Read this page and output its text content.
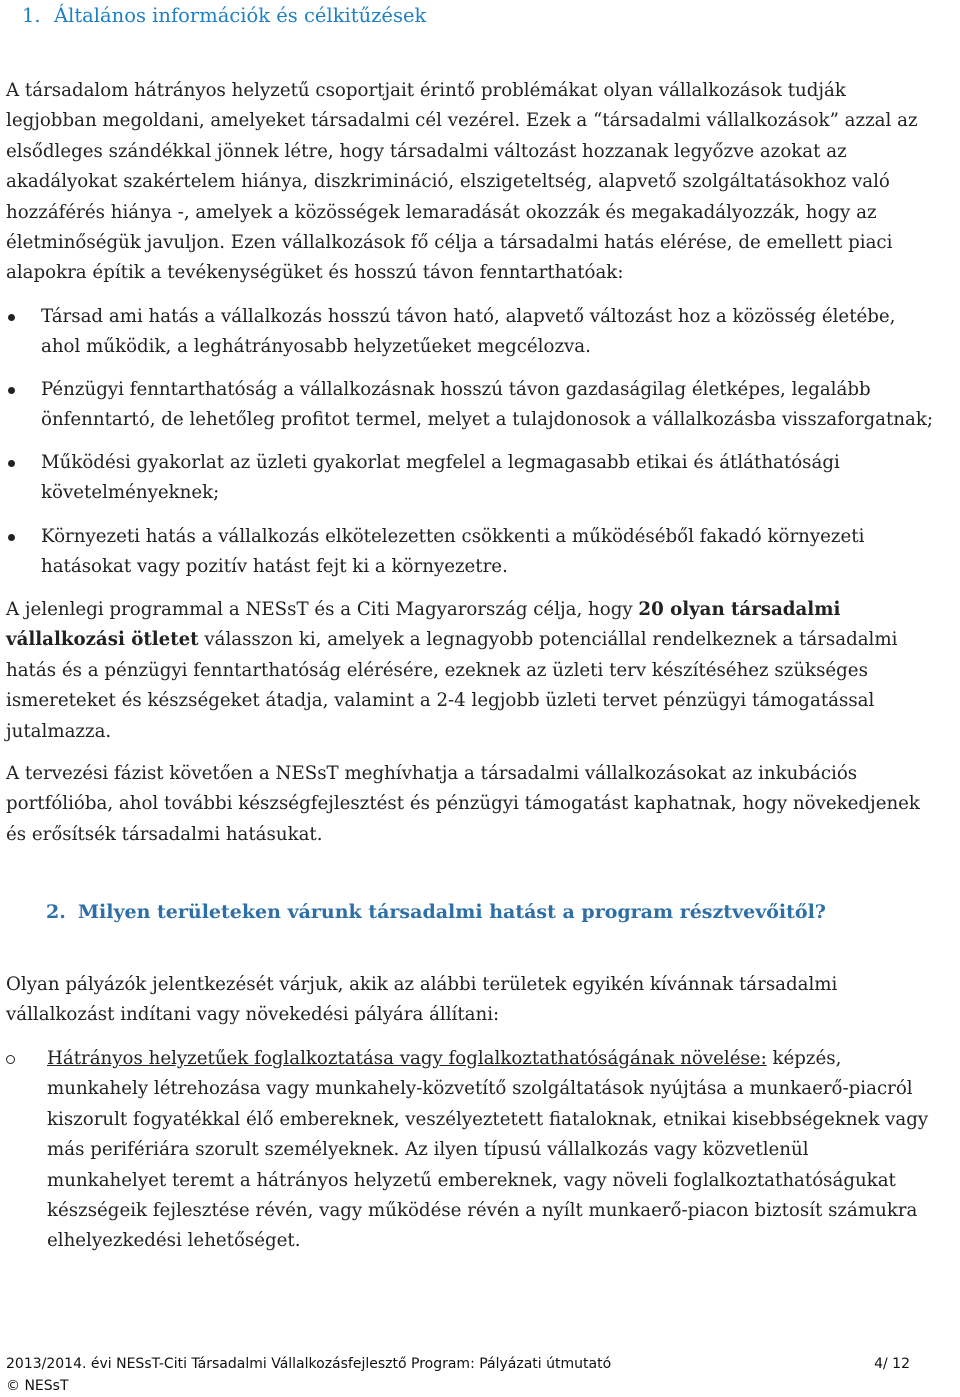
1. Általános információk és célkitűzések
A társadalom hátrányos helyzetű csoportjait érintő problémákat olyan vállalkozások tudják
legjobban megoldani, amelyeket társadalmi cél vezérel. Ezek a “társadalmi vállalkozások” azzal az
elsődleges szándékkal jönnek létre, hogy társadalmi változást hozzanak legyőzve azokat az
akadályokat szakértelem hiánya, diszkrimináció, elszigeteltség, alapvető szolgáltatásokhoz való
hozzáférés hiánya -, amelyek a közösségek lemaradását okozzák és megakadályozzák, hogy az
életminőségük javuljon. Ezen vállalkozások fő célja a társadalmi hatás elérése, de emellett piaci
alapokra építik a tevékenységüket és hosszú távon fenntarthatóak:
Társad ami hatás a vállalkozás hosszú távon ható, alapvető változást hoz a közösség életébe,
ahol működik, a leghátrányosabb helyzetűeket megcélozva.
Pénzügyi fenntarthatóság a vállalkozásnak hosszú távon gazdaságilag életképes, legalább
önfenntartó, de lehetőleg profitot termel, melyet a tulajdonosok a vállalkozásba visszaforgatnak;
Működési gyakorlat az üzleti gyakorlat megfelel a legmagasabb etikai és átláthatósági
követelményeknek;
Környezeti hatás a vállalkozás elkötelezetten csökkenti a működéséből fakadó környezeti
hatásokat vagy pozitív hatást fejt ki a környezetre.
A jelenlegi programmal a NESsT és a Citi Magyarország célja, hogy 20 olyan társadalmi
vállalkozási ötletet válasszon ki, amelyek a legnagyobb potenciállal rendelkeznek a társadalmi
hatás és a pénzügyi fenntarthatóság elérésére, ezeknek az üzleti terv készítéséhez szükséges
ismereteket és készségeket átadja, valamint a 2-4 legjobb üzleti tervet pénzügyi támogatással
jutalmazza.
A tervezési fázist követően a NESsT meghívhatja a társadalmi vállalkozásokat az inkubációs
portfólióba, ahol további készségfejlesztést és pénzügyi támogatást kaphatnak, hogy növekedjenek
és erősítsék társadalmi hatásukat.
2. Milyen területeken várunk társadalmi hatást a program résztvevőitől?
Olyan pályázók jelentkezését várjuk, akik az alábbi területek egyikén kívánnak társadalmi
vállalkozást indítani vagy növekedési pályára állítani:
Hátrányos helyzetűek foglalkoztatása vagy foglalkoztathatóságának növelése: képzés,
munkahely létrehozása vagy munkahely-közvetítő szolgáltatások nyújtása a munkaerő-piacról
kiszorult fogyatékkal élő embereknek, veszélyeztetett fiataloknak, etnikai kisebbségeknek vagy
más perifériára szorult személyeknek. Az ilyen típusú vállalkozás vagy közvetlenül
munkahelyet teremt a hátrányos helyzetű embereknek, vagy növeli foglalkoztathatóságukat
készségeik fejlesztése révén, vagy működése révén a nyílt munkaerő-piacon biztosít számukra
elhelyezkedési lehetőséget.
2013/2014. évi NESsT-Citi Társadalmi Vállalkozásfejlesztő Program: Pályázati útmutató	4/ 12
© NESsT
